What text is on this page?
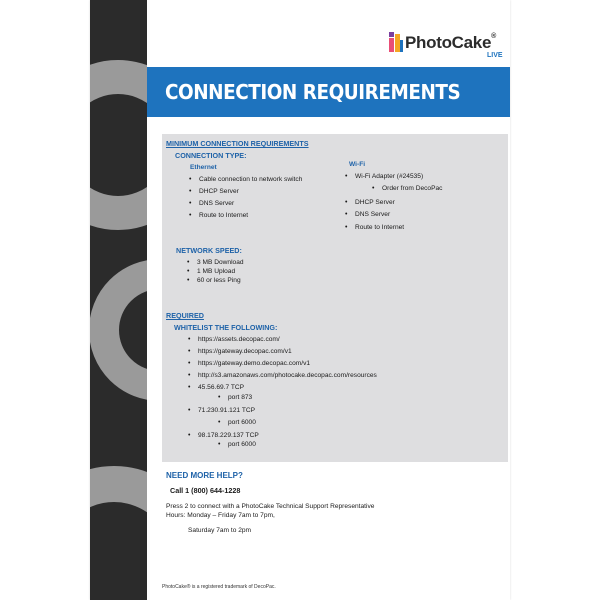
PhotoCake®
LIVE
CONNECTION REQUIREMENTS
MINIMUM CONNECTION REQUIREMENTS
CONNECTION TYPE:
Ethernet
• Cable connection to network switch
• DHCP Server
• DNS Server
• Route to Internet
Wi-Fi
• Wi-Fi Adapter (#24535)
• Order from DecoPac
• DHCP Server
• DNS Server
• Route to Internet
NETWORK SPEED:
• 3 MB Download
• 1 MB Upload
• 60 or less Ping
REQUIRED
WHITELIST THE FOLLOWING:
• https://assets.decopac.com/
• https://gateway.decopac.com/v1
• https://gateway.demo.decopac.com/v1
• http://s3.amazonaws.com/photocake.decopac.com/resources
• 45.56.69.7 TCP
• port 873
• 71.230.91.121 TCP
• port 6000
• 98.178.229.137 TCP
• port 6000
NEED MORE HELP?
Call 1 (800) 644-1228
Press 2 to connect with a PhotoCake Technical Support Representative
Hours: Monday – Friday 7am to 7pm,
Saturday 7am to 2pm
PhotoCake® is a registered trademark of DecoPac.
